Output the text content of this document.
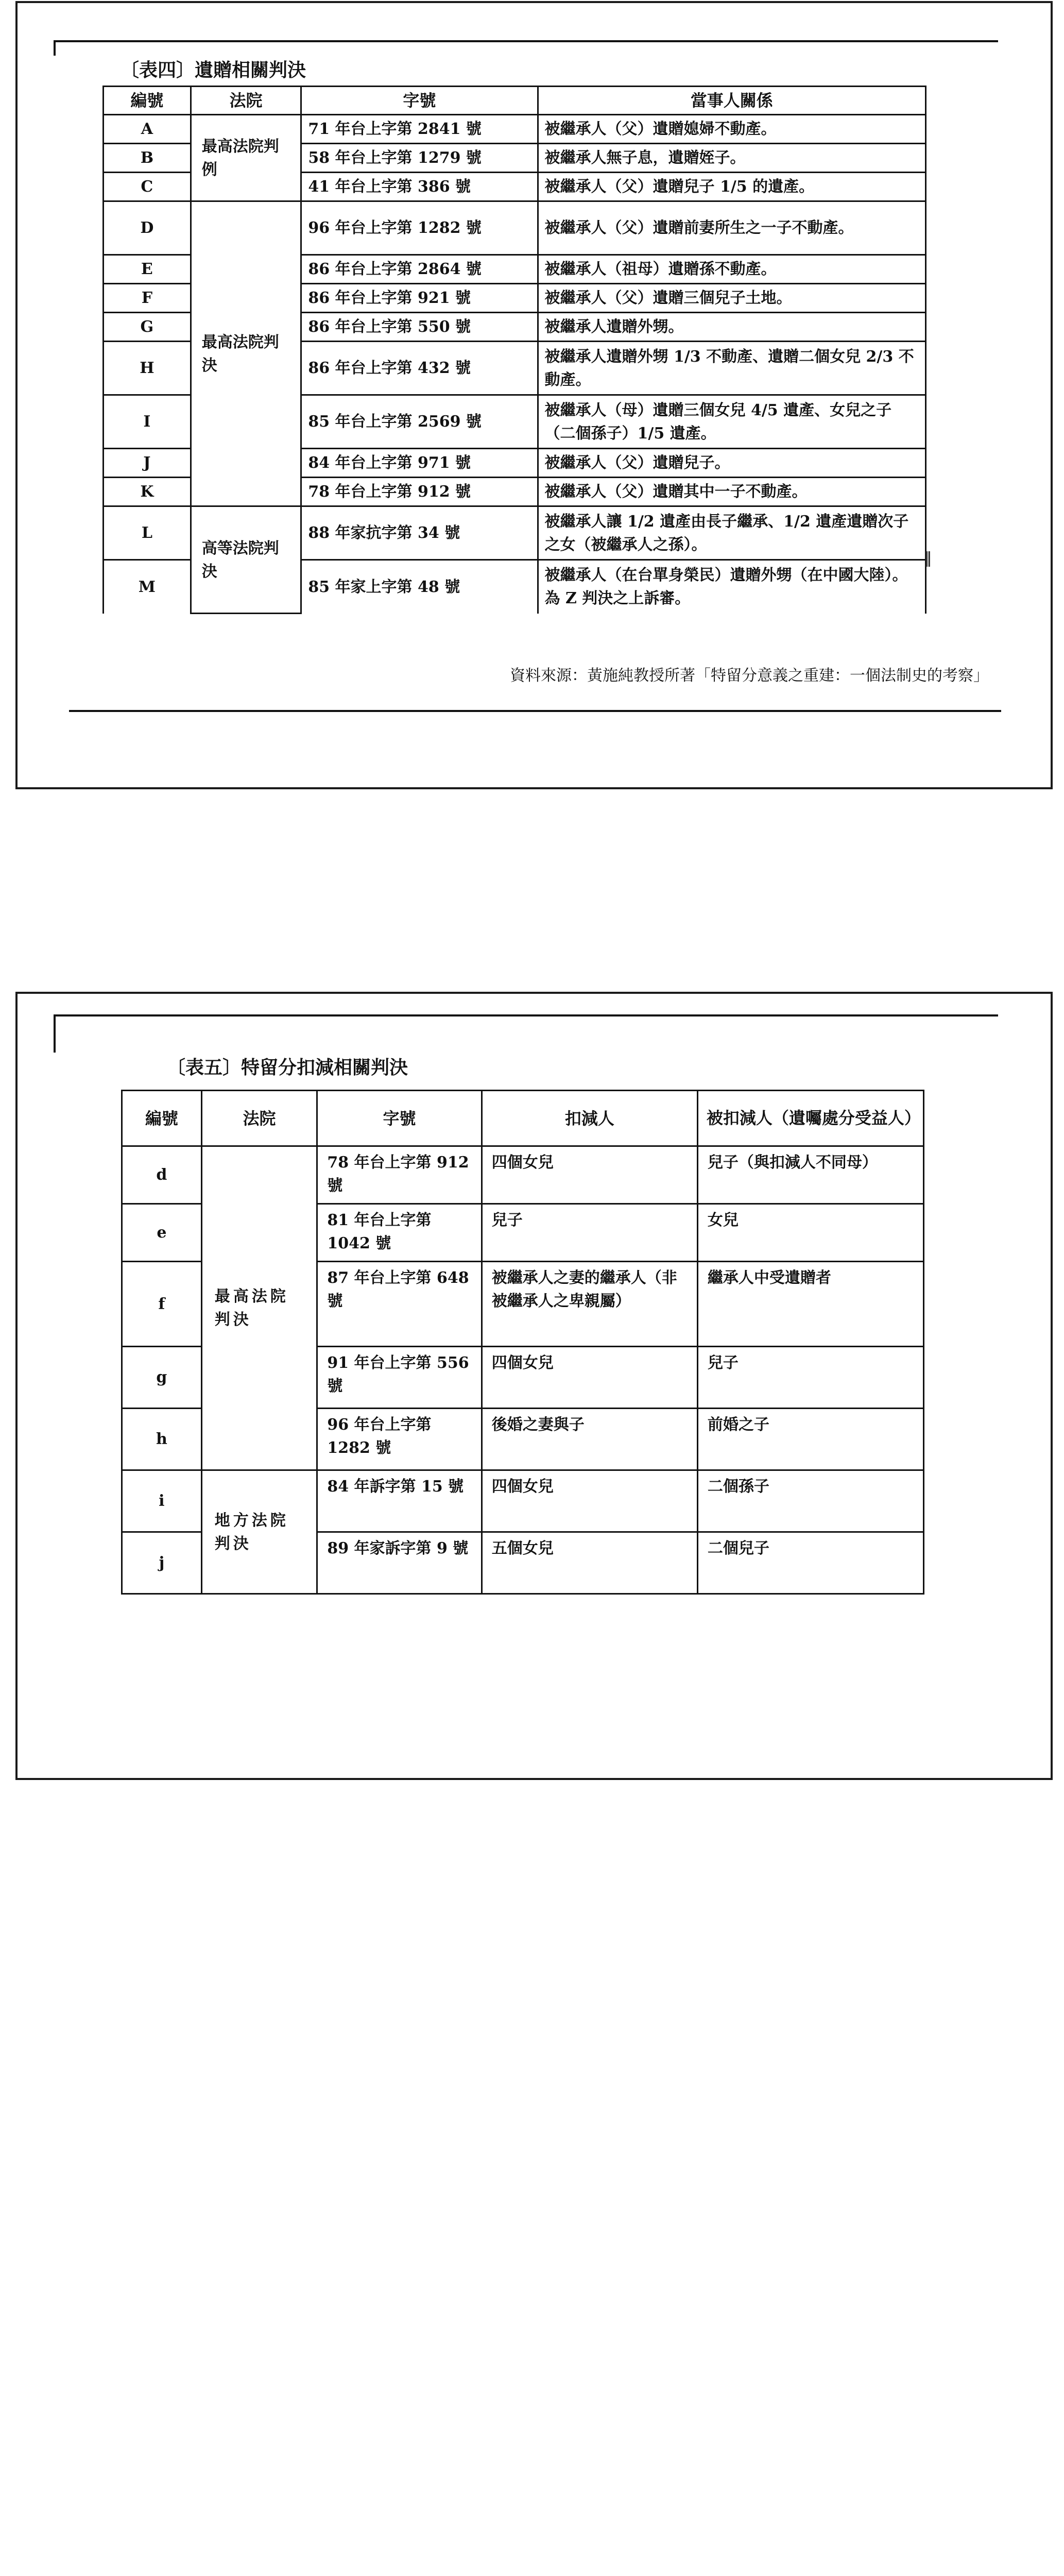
〔表四〕遺贈相關判決
編號	法院	字號	當事人關係
A	最高法院判例	71 年台上字第 2841 號	被繼承人（父）遺贈媳婦不動產。
B		58 年台上字第 1279 號	被繼承人無子息，遺贈姪子。
C		41 年台上字第 386 號	被繼承人（父）遺贈兒子 1/5 的遺產。
D	最高法院判決	96 年台上字第 1282 號	被繼承人（父）遺贈前妻所生之一子不動產。
E		86 年台上字第 2864 號	被繼承人（祖母）遺贈孫不動產。
F		86 年台上字第 921 號	被繼承人（父）遺贈三個兒子土地。
G		86 年台上字第 550 號	被繼承人遺贈外甥。
H		86 年台上字第 432 號	被繼承人遺贈外甥 1/3 不動產、遺贈二個女兒 2/3 不動產。
I		85 年台上字第 2569 號	被繼承人（母）遺贈三個女兒 4/5 遺產、女兒之子（二個孫子）1/5 遺產。
J		84 年台上字第 971 號	被繼承人（父）遺贈兒子。
K		78 年台上字第 912 號	被繼承人（父）遺贈其中一子不動產。
L	高等法院判決	88 年家抗字第 34 號	被繼承人讓 1/2 遺產由長子繼承、1/2 遺產遺贈次子之女（被繼承人之孫）。
M		85 年家上字第 48 號	被繼承人（在台單身榮民）遺贈外甥（在中國大陸）。為 Z 判決之上訴審。
‖
資料來源：黃施純教授所著「特留分意義之重建：一個法制史的考察」
〔表五〕特留分扣減相關判決
編號	法院	字號	扣減人	被扣減人（遺囑處分受益人）
d	最高法院判決	78 年台上字第 912 號	四個女兒	兒子（與扣減人不同母）
e		81 年台上字第 1042 號	兒子	女兒
f		87 年台上字第 648 號	被繼承人之妻的繼承人（非被繼承人之卑親屬）	繼承人中受遺贈者
g		91 年台上字第 556 號	四個女兒	兒子
h		96 年台上字第 1282 號	後婚之妻與子	前婚之子
i	地方法院判決	84 年訴字第 15 號	四個女兒	二個孫子
j		89 年家訴字第 9 號	五個女兒	二個兒子
